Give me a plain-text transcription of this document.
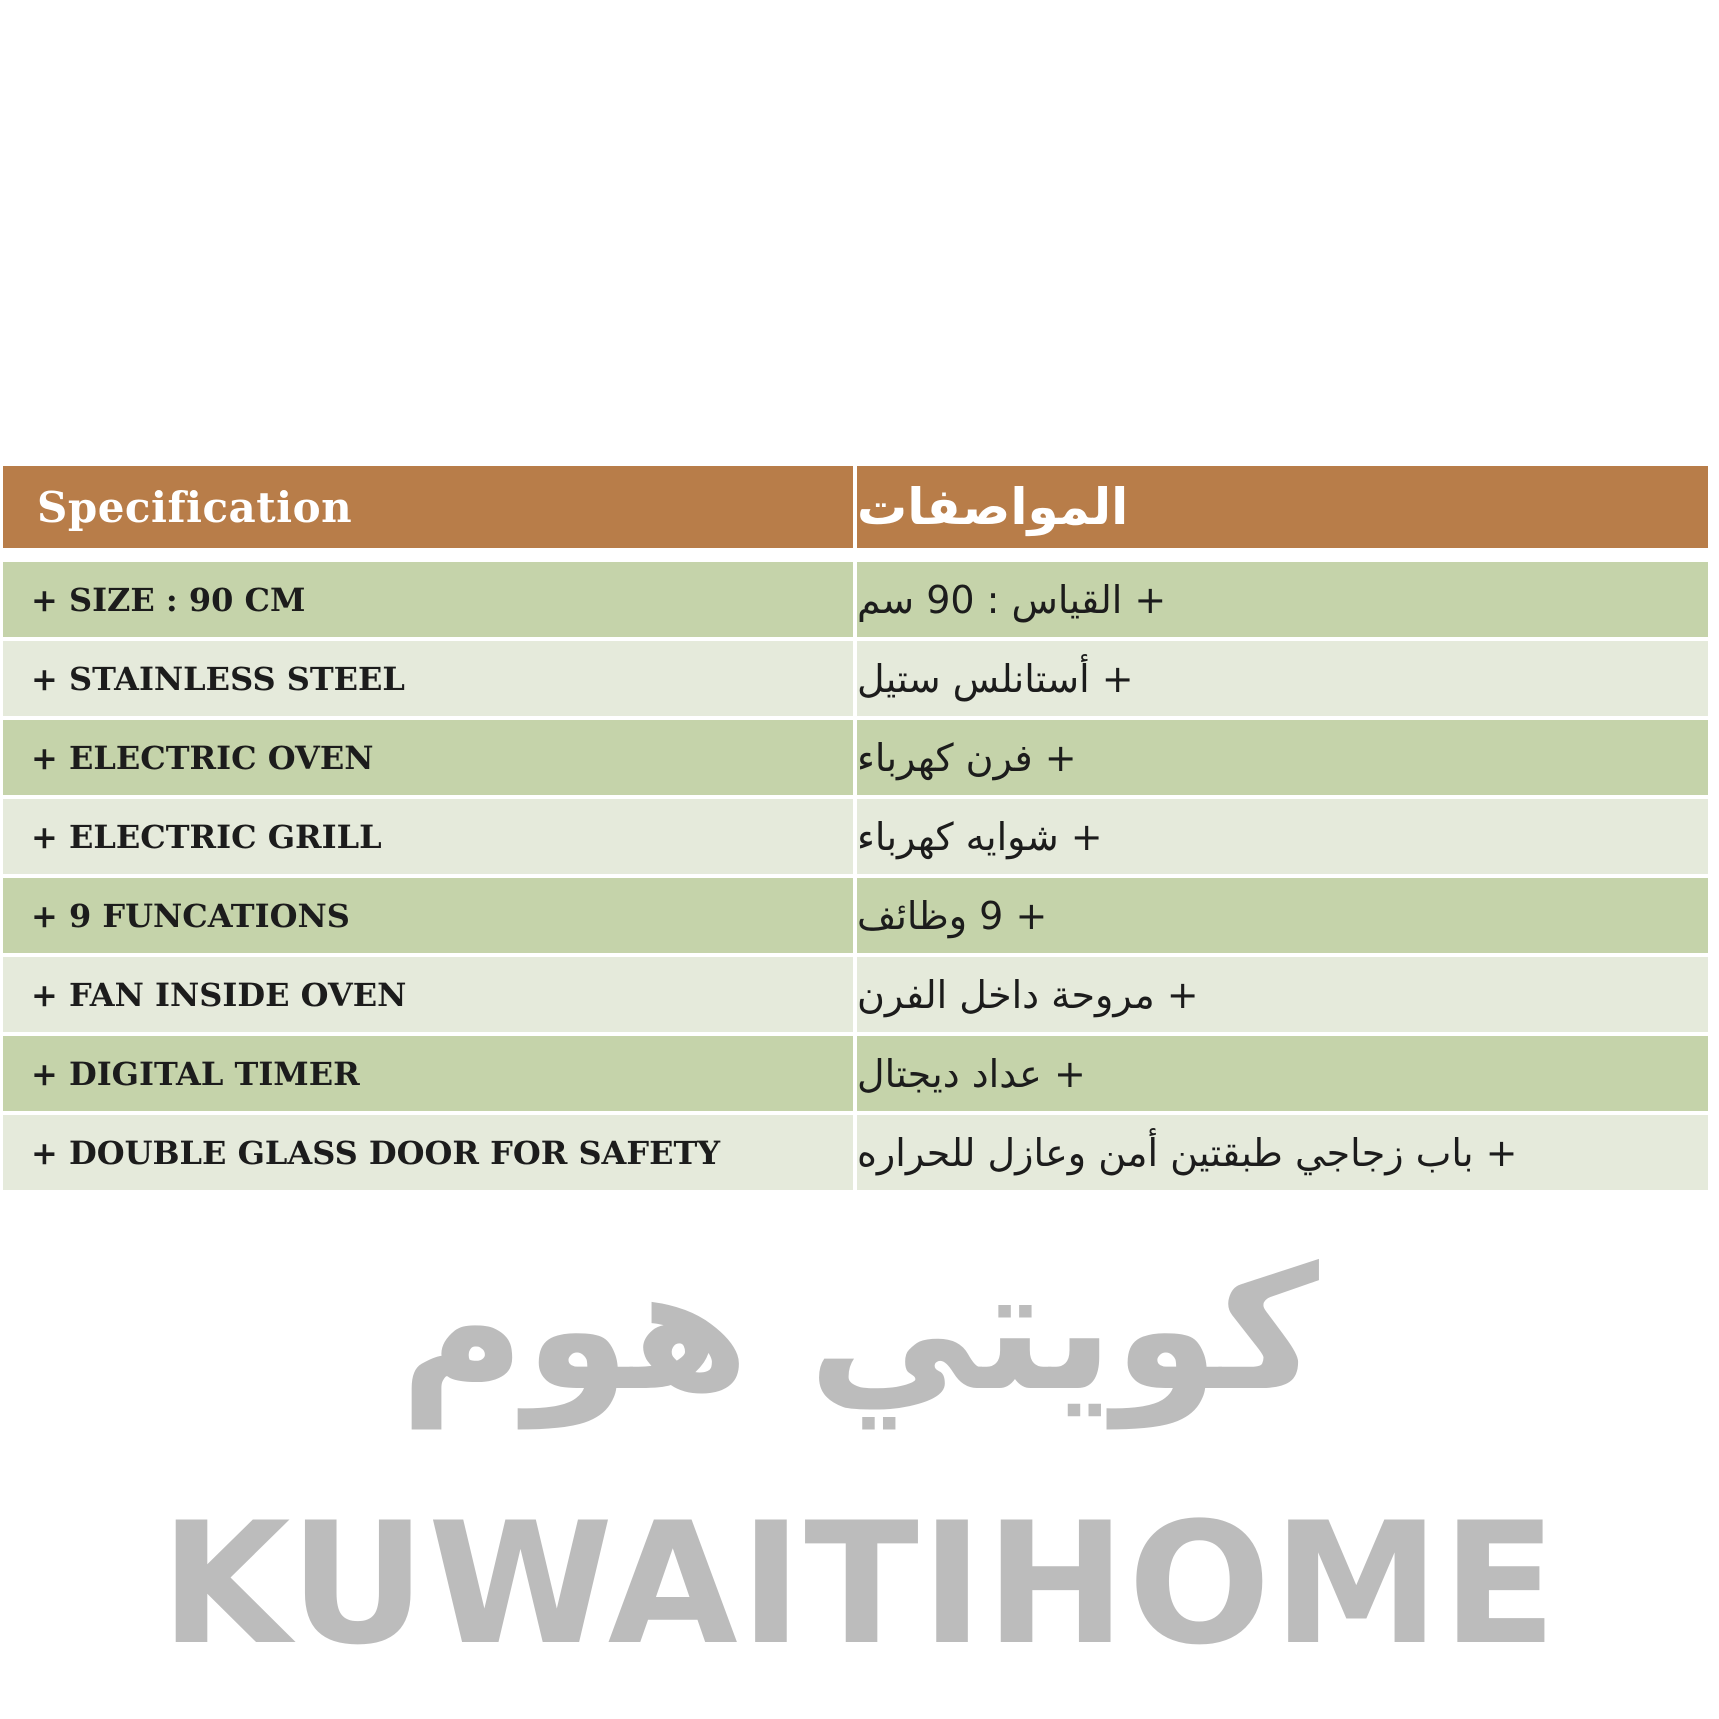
Specification	المواصفات
+ SIZE : 90 CM	+ القياس : 90 سم
+ STAINLESS STEEL	+ أستانلس ستيل
+ ELECTRIC OVEN	+ فرن كهرباء
+ ELECTRIC GRILL	+ شوايه كهرباء
+ 9 FUNCATIONS	+ 9 وظائف
+ FAN INSIDE OVEN	+ مروحة داخل الفرن
+ DIGITAL TIMER	+ عداد ديجتال
+ DOUBLE GLASS DOOR FOR SAFETY	+ باب زجاجي طبقتين أمن وعازل للحراره
كويتي هوم
KUWAITIHOME
